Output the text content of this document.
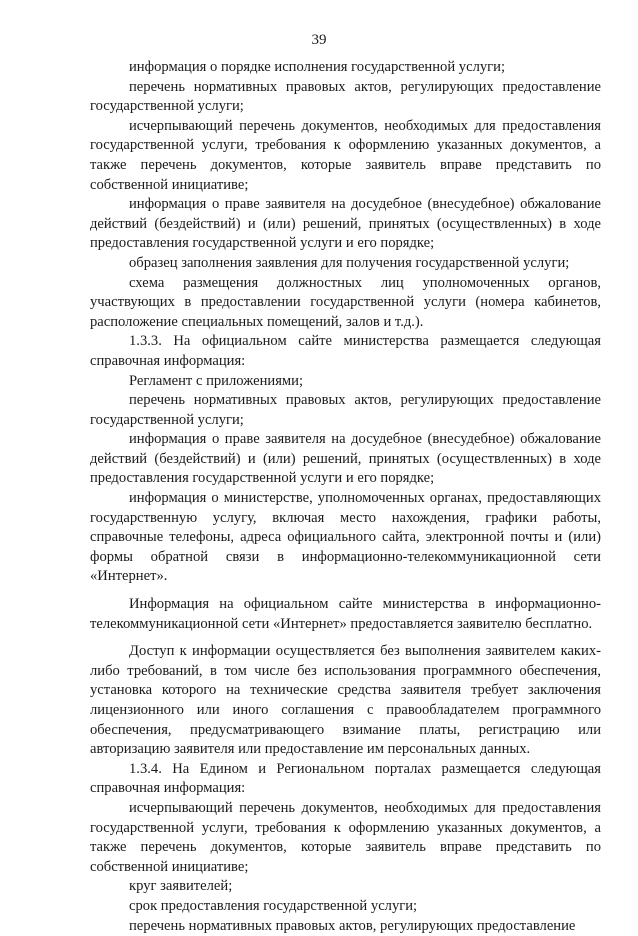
39

информация о порядке исполнения государственной услуги;

перечень нормативных правовых актов, регулирующих предоставление государственной услуги;

исчерпывающий перечень документов, необходимых для предоставления государственной услуги, требования к оформлению указанных документов, а также перечень документов, которые заявитель вправе представить по собственной инициативе;

информация о праве заявителя на досудебное (внесудебное) обжалование действий (бездействий) и (или) решений, принятых (осуществленных) в ходе предоставления государственной услуги и его порядке;

образец заполнения заявления для получения государственной услуги;

схема размещения должностных лиц уполномоченных органов, участвующих в предоставлении государственной услуги (номера кабинетов, расположение специальных помещений, залов и т.д.).

1.3.3. На официальном сайте министерства размещается следующая справочная информация:

Регламент с приложениями;

перечень нормативных правовых актов, регулирующих предоставление государственной услуги;

информация о праве заявителя на досудебное (внесудебное) обжалование действий (бездействий) и (или) решений, принятых (осуществленных) в ходе предоставления государственной услуги и его порядке;

информация о министерстве, уполномоченных органах, предоставляющих государственную услугу, включая место нахождения, графики работы, справочные телефоны, адреса официального сайта, электронной почты и (или) формы обратной связи в информационно-телекоммуникационной сети «Интернет».

Информация на официальном сайте министерства в информационно-телекоммуникационной сети «Интернет» предоставляется заявителю бесплатно.

Доступ к информации осуществляется без выполнения заявителем каких-либо требований, в том числе без использования программного обеспечения, установка которого на технические средства заявителя требует заключения лицензионного или иного соглашения с правообладателем программного обеспечения, предусматривающего взимание платы, регистрацию или авторизацию заявителя или предоставление им персональных данных.

1.3.4. На Едином и Региональном порталах размещается следующая справочная информация:

исчерпывающий перечень документов, необходимых для предоставления государственной услуги, требования к оформлению указанных документов, а также перечень документов, которые заявитель вправе представить по собственной инициативе;

круг заявителей;

срок предоставления государственной услуги;

перечень нормативных правовых актов, регулирующих предоставление
